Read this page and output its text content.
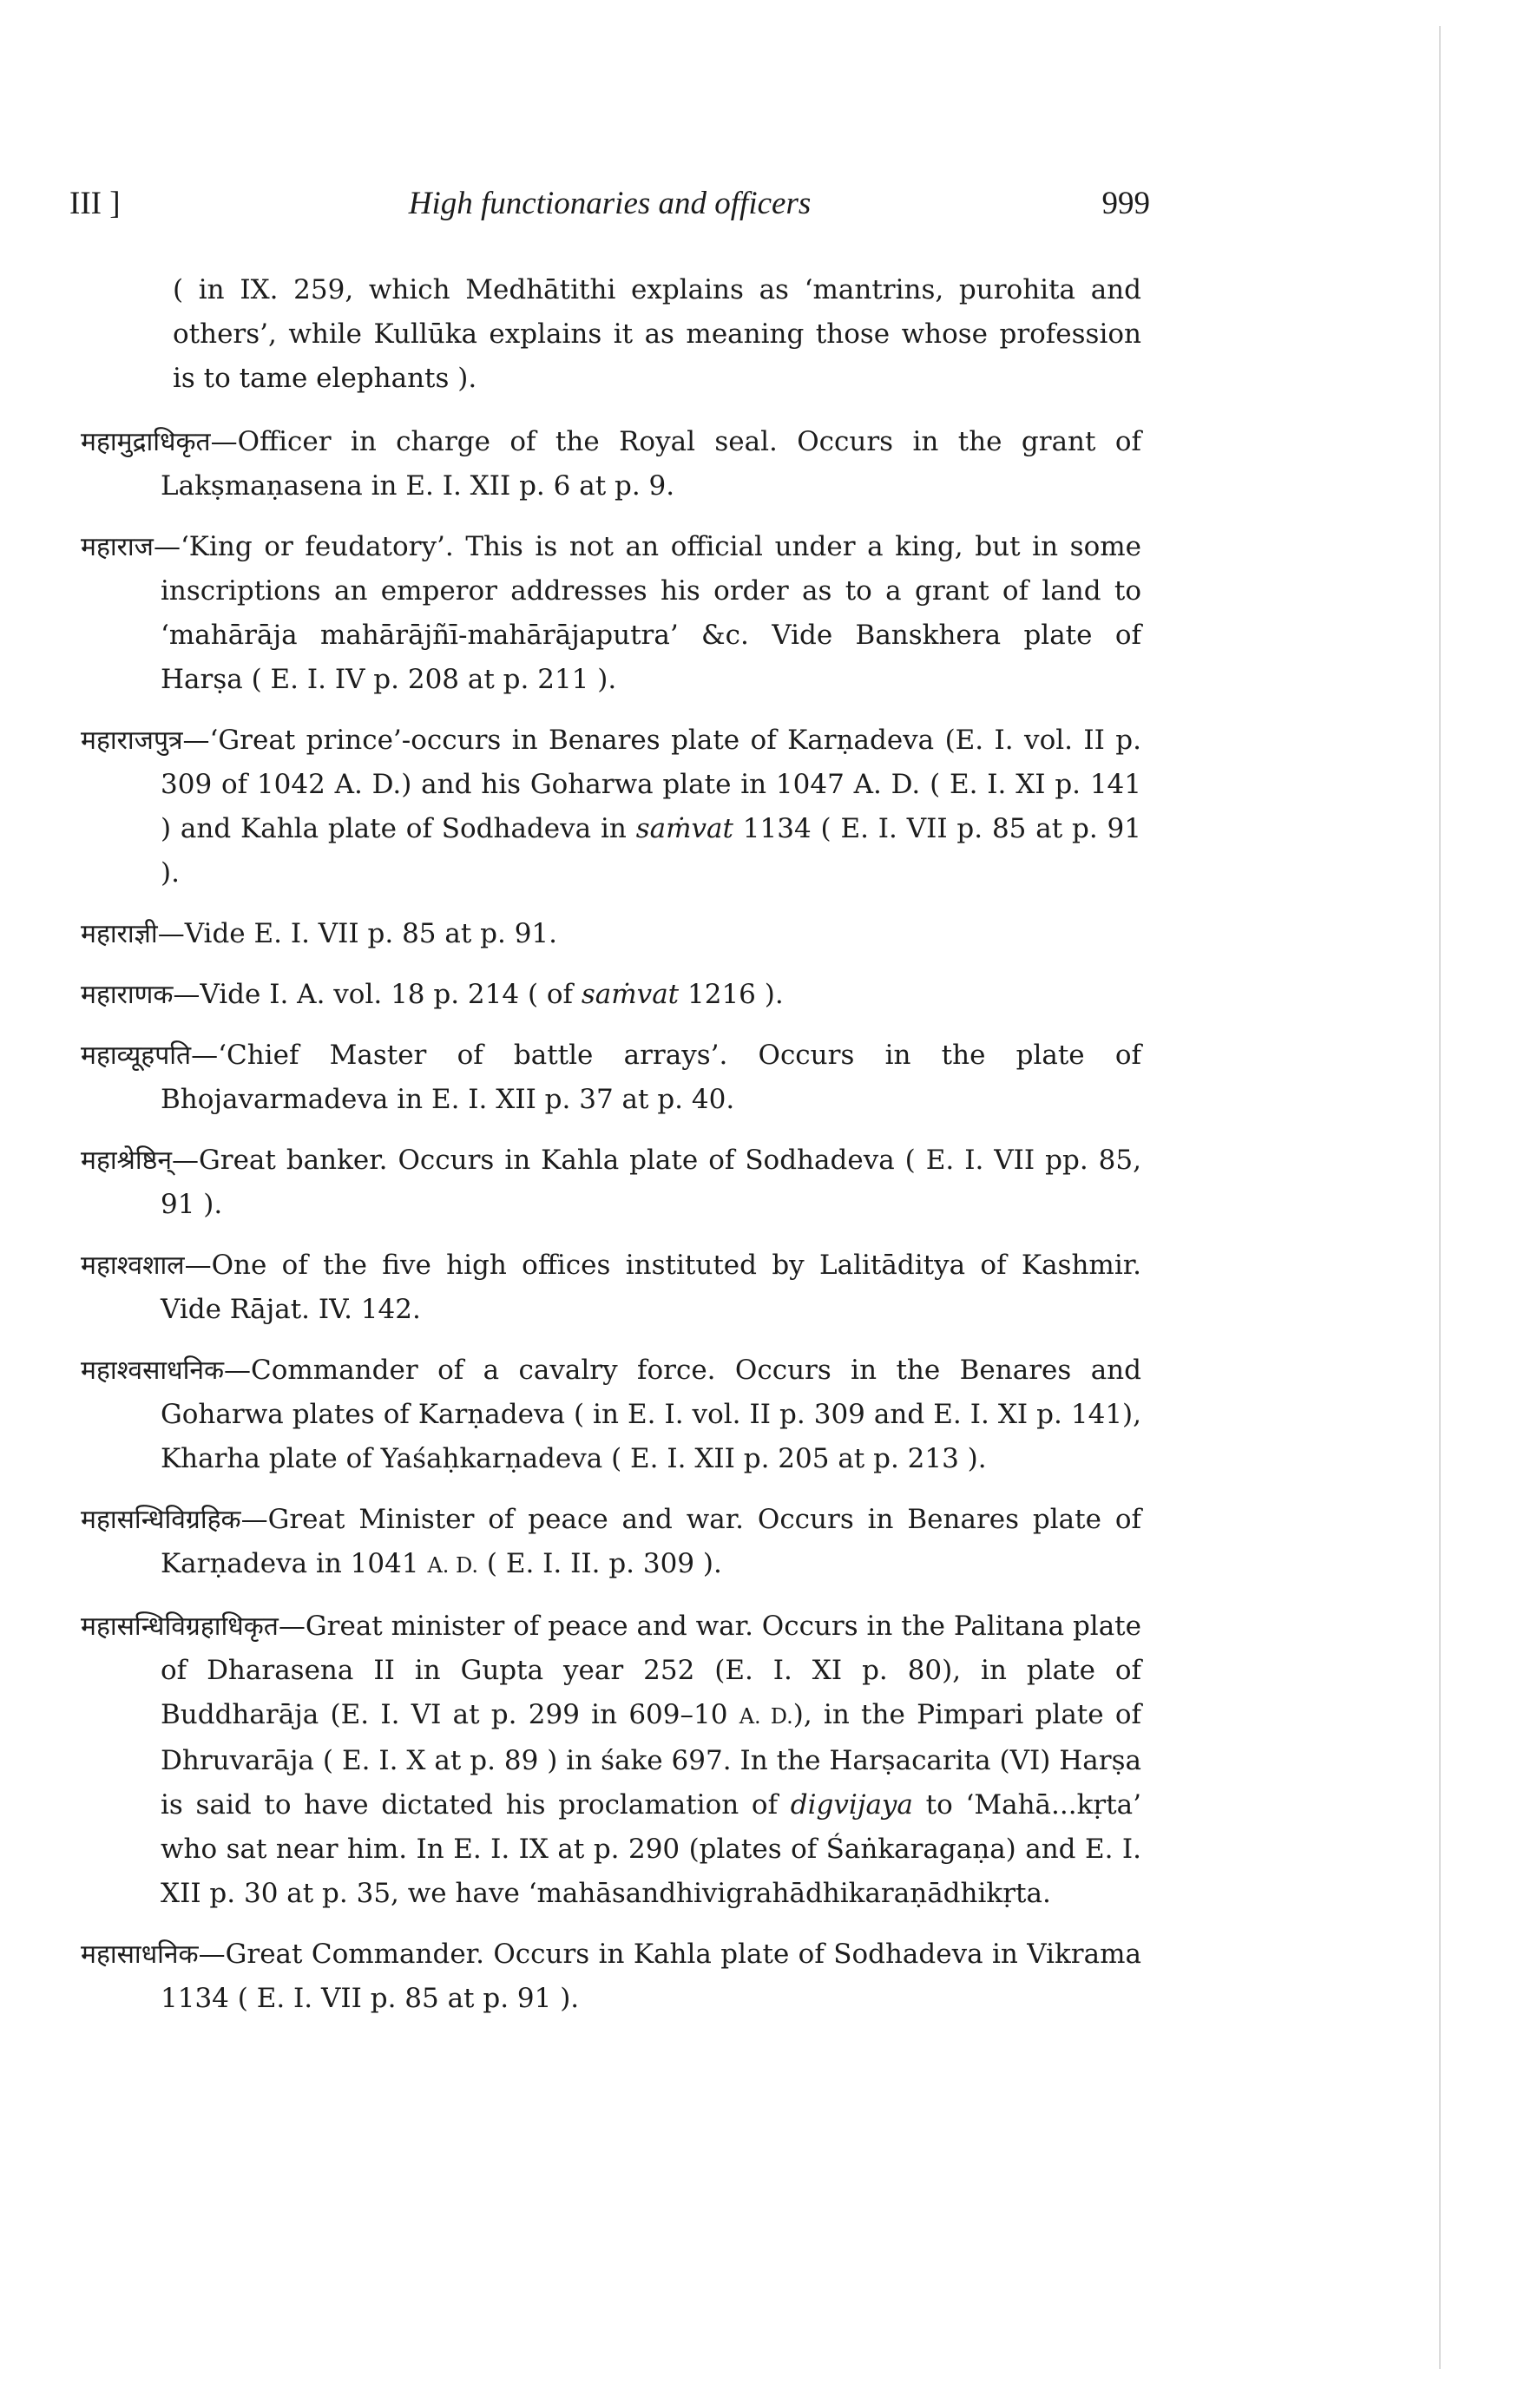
III ]	High functionaries and officers	999

( in IX. 259, which Medhātithi explains as ‘mantrins, purohita and others’, while Kullūka explains it as meaning those whose profession is to tame elephants ).

महामुद्राधिकृत—Officer in charge of the Royal seal. Occurs in the grant of Lakṣmaṇasena in E. I. XII p. 6 at p. 9.

महाराज—‘King or feudatory’. This is not an official under a king, but in some inscriptions an emperor addresses his order as to a grant of land to ‘mahārāja mahārājñī-mahārājaputra’ &c. Vide Banskhera plate of Harṣa ( E. I. IV p. 208 at p. 211 ).

महाराजपुत्र—‘Great prince’-occurs in Benares plate of Karṇadeva (E. I. vol. II p. 309 of 1042 A. D.) and his Goharwa plate in 1047 A. D. ( E. I. XI p. 141 ) and Kahla plate of Sodhadeva in saṁvat 1134 ( E. I. VII p. 85 at p. 91 ).

महाराज्ञी—Vide E. I. VII p. 85 at p. 91.

महाराणक—Vide I. A. vol. 18 p. 214 ( of saṁvat 1216 ).

महाव्यूहपति—‘Chief Master of battle arrays’. Occurs in the plate of Bhojavarmadeva in E. I. XII p. 37 at p. 40.

महाश्रेष्ठिन्—Great banker. Occurs in Kahla plate of Sodhadeva ( E. I. VII pp. 85, 91 ).

महाश्वशाल—One of the five high offices instituted by Lalitāditya of Kashmir. Vide Rājat. IV. 142.

महाश्वसाधनिक—Commander of a cavalry force. Occurs in the Benares and Goharwa plates of Karṇadeva ( in E. I. vol. II p. 309 and E. I. XI p. 141), Kharha plate of Yaśaḥkarṇadeva ( E. I. XII p. 205 at p. 213 ).

महासन्धिविग्रहिक—Great Minister of peace and war. Occurs in Benares plate of Karṇadeva in 1041 A. D. ( E. I. II. p. 309 ).

महासन्धिविग्रहाधिकृत—Great minister of peace and war. Occurs in the Palitana plate of Dharasena II in Gupta year 252 (E. I. XI p. 80), in plate of Buddharāja (E. I. VI at p. 299 in 609–10 A. D.), in the Pimpari plate of Dhruvarāja ( E. I. X at p. 89 ) in śake 697. In the Harṣacarita (VI) Harṣa is said to have dictated his proclamation of digvijaya to ‘Mahā...kṛta’ who sat near him. In E. I. IX at p. 290 (plates of Śaṅkaragaṇa) and E. I. XII p. 30 at p. 35, we have ‘mahāsandhivigrahādhikaraṇādhikṛta.

महासाधनिक—Great Commander. Occurs in Kahla plate of Sodhadeva in Vikrama 1134 ( E. I. VII p. 85 at p. 91 ).
